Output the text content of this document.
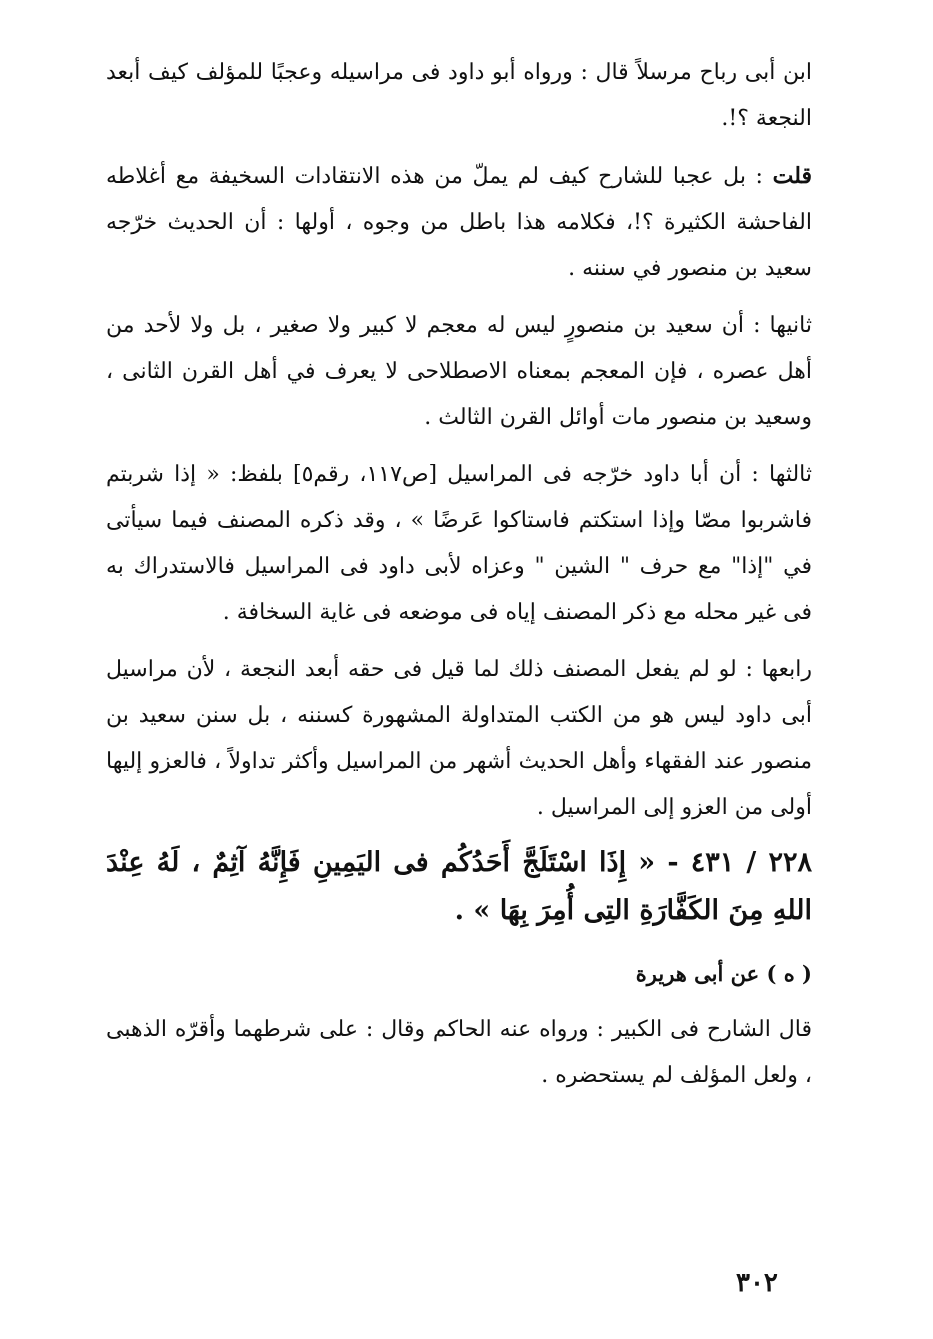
ابن أبى رباح مرسلاً قال : ورواه أبو داود فى مراسيله وعجبًا للمؤلف كيف أبعد النجعة ؟!.

قلت : بل عجبا للشارح كيف لم يملّ من هذه الانتقادات السخيفة مع أغلاطه الفاحشة الكثيرة ؟!، فكلامه هذا باطل من وجوه ، أولها : أن الحديث خرّجه سعيد بن منصور في سننه .

ثانيها : أن سعيد بن منصورٍ ليس له معجم لا كبير ولا صغير ، بل ولا لأحد من أهل عصره ، فإن المعجم بمعناه الاصطلاحى لا يعرف في أهل القرن الثانى ، وسعيد بن منصور مات أوائل القرن الثالث .

ثالثها : أن أبا داود خرّجه فى المراسيل [ص١١٧، رقم٥] بلفظ: « إذا شربتم فاشربوا مصّا وإذا استكتم فاستاكوا عَرضًا » ، وقد ذكره المصنف فيما سيأتى في "إذا" مع حرف " الشين " وعزاه لأبى داود فى المراسيل فالاستدراك به فى غير محله مع ذكر المصنف إياه فى موضعه فى غاية السخافة .

رابعها : لو لم يفعل المصنف ذلك لما قيل فى حقه أبعد النجعة ، لأن مراسيل أبى داود ليس هو من الكتب المتداولة المشهورة كسننه ، بل سنن سعيد بن منصور عند الفقهاء وأهل الحديث أشهر من المراسيل وأكثر تداولاً ، فالعزو إليها أولى من العزو إلى المراسيل .

٢٢٨ / ٤٣١ - « إِذَا اسْتَلَجَّ أَحَدُكُم فى اليَمِينِ فَإِنَّهُ آثِمٌ ، لَهُ عِنْدَ اللهِ مِنَ الكَفَّارَةِ التِى أُمِرَ بِهَا » .

( ه ) عن أبى هريرة

قال الشارح فى الكبير : ورواه عنه الحاكم وقال : على شرطهما وأقرّه الذهبى ، ولعل المؤلف لم يستحضره .

٣٠٢
